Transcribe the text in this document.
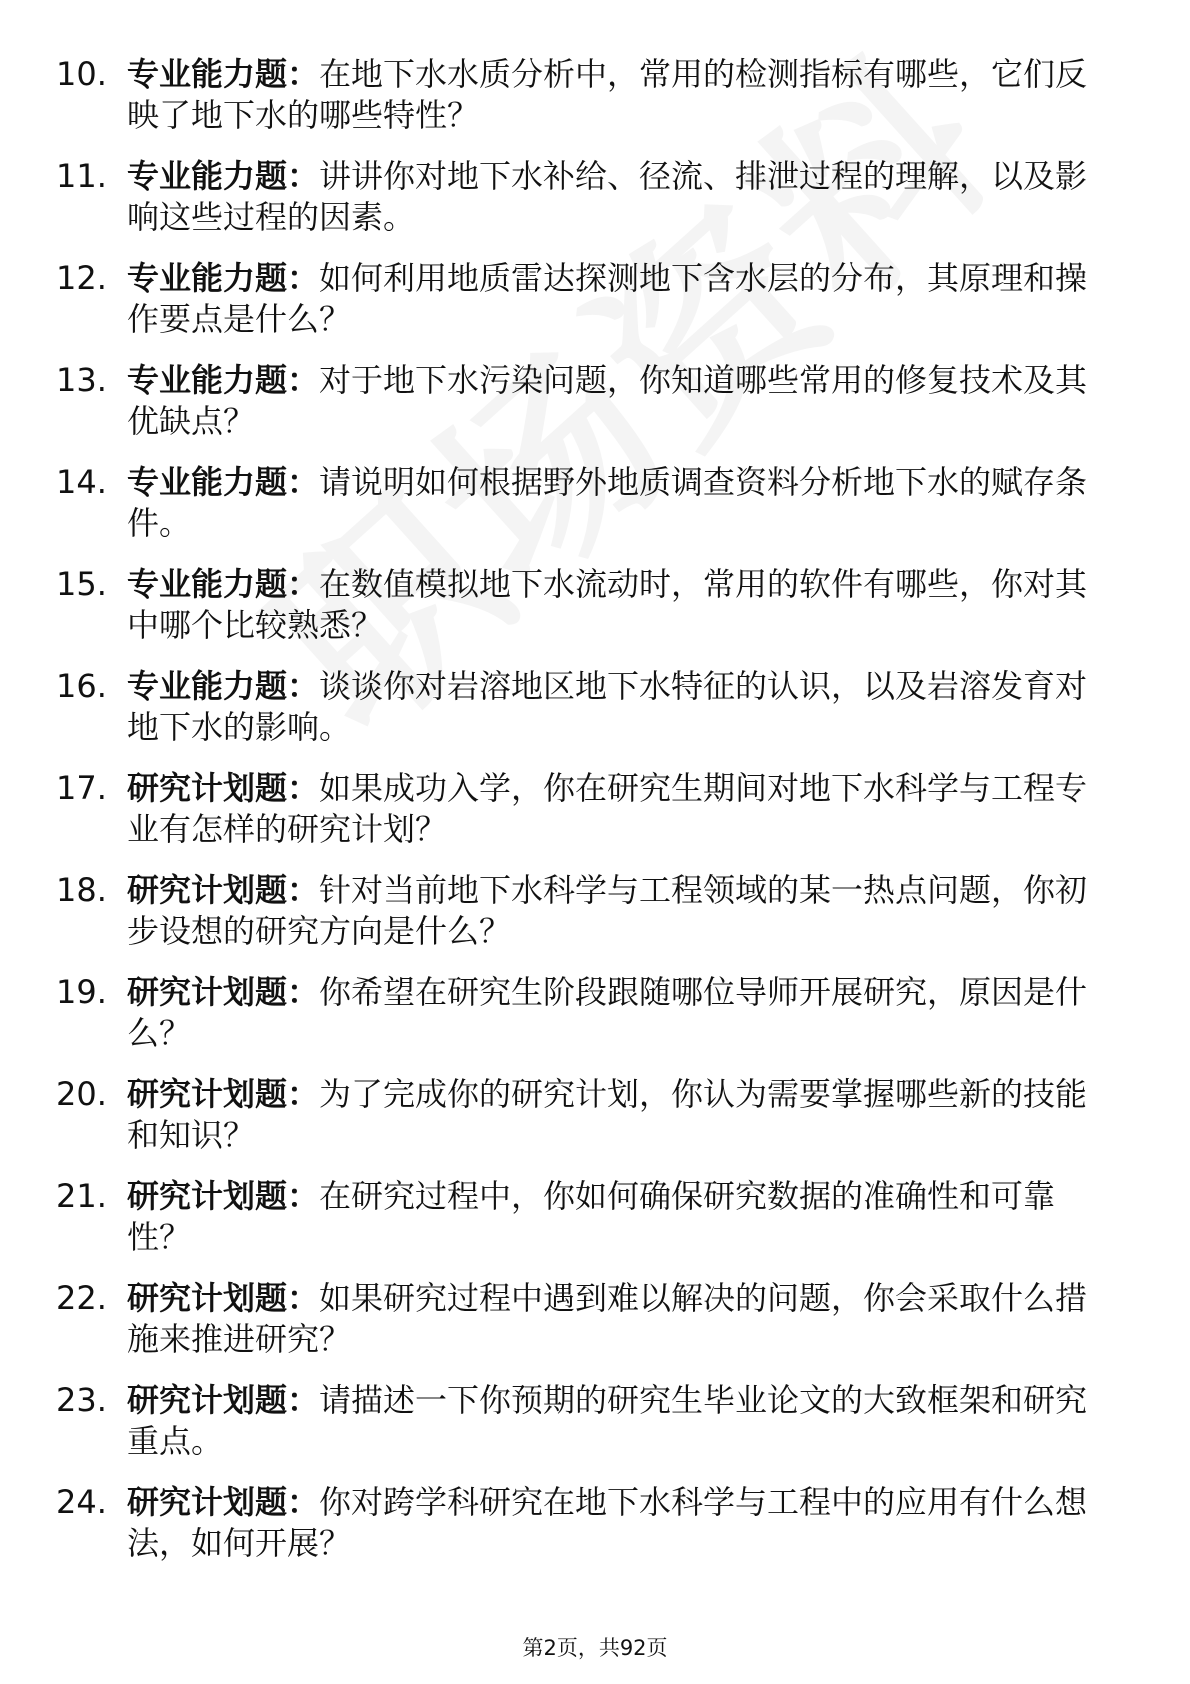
10. 专业能力题：在地下水水质分析中，常用的检测指标有哪些，它们反映了地下水的哪些特性？
11. 专业能力题：讲讲你对地下水补给、径流、排泄过程的理解，以及影响这些过程的因素。
12. 专业能力题：如何利用地质雷达探测地下含水层的分布，其原理和操作要点是什么？
13. 专业能力题：对于地下水污染问题，你知道哪些常用的修复技术及其优缺点？
14. 专业能力题：请说明如何根据野外地质调查资料分析地下水的赋存条件。
15. 专业能力题：在数值模拟地下水流动时，常用的软件有哪些，你对其中哪个比较熟悉？
16. 专业能力题：谈谈你对岩溶地区地下水特征的认识，以及岩溶发育对地下水的影响。
17. 研究计划题：如果成功入学，你在研究生期间对地下水科学与工程专业有怎样的研究计划？
18. 研究计划题：针对当前地下水科学与工程领域的某一热点问题，你初步设想的研究方向是什么？
19. 研究计划题：你希望在研究生阶段跟随哪位导师开展研究，原因是什么？
20. 研究计划题：为了完成你的研究计划，你认为需要掌握哪些新的技能和知识？
21. 研究计划题：在研究过程中，你如何确保研究数据的准确性和可靠性？
22. 研究计划题：如果研究过程中遇到难以解决的问题，你会采取什么措施来推进研究？
23. 研究计划题：请描述一下你预期的研究生毕业论文的大致框架和研究重点。
24. 研究计划题：你对跨学科研究在地下水科学与工程中的应用有什么想法，如何开展？
第2页，共92页
